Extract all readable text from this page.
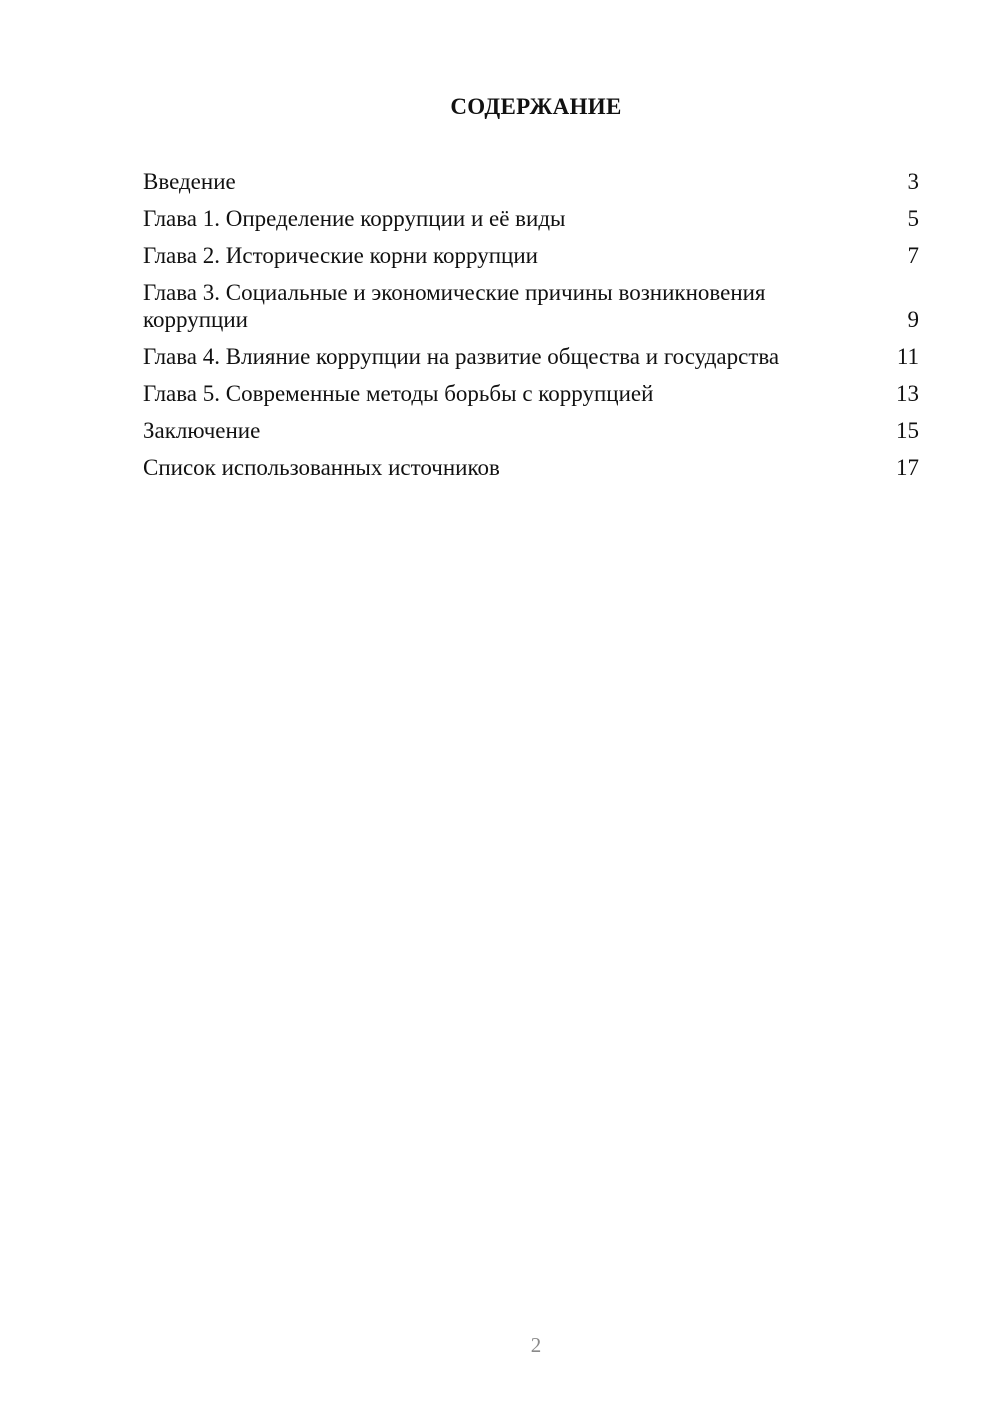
СОДЕРЖАНИЕ
Введение	3
Глава 1. Определение коррупции и её виды	5
Глава 2. Исторические корни коррупции	7
Глава 3. Социальные и экономические причины возникновения коррупции	9
Глава 4. Влияние коррупции на развитие общества и государства	11
Глава 5. Современные методы борьбы с коррупцией	13
Заключение	15
Список использованных источников	17
2
